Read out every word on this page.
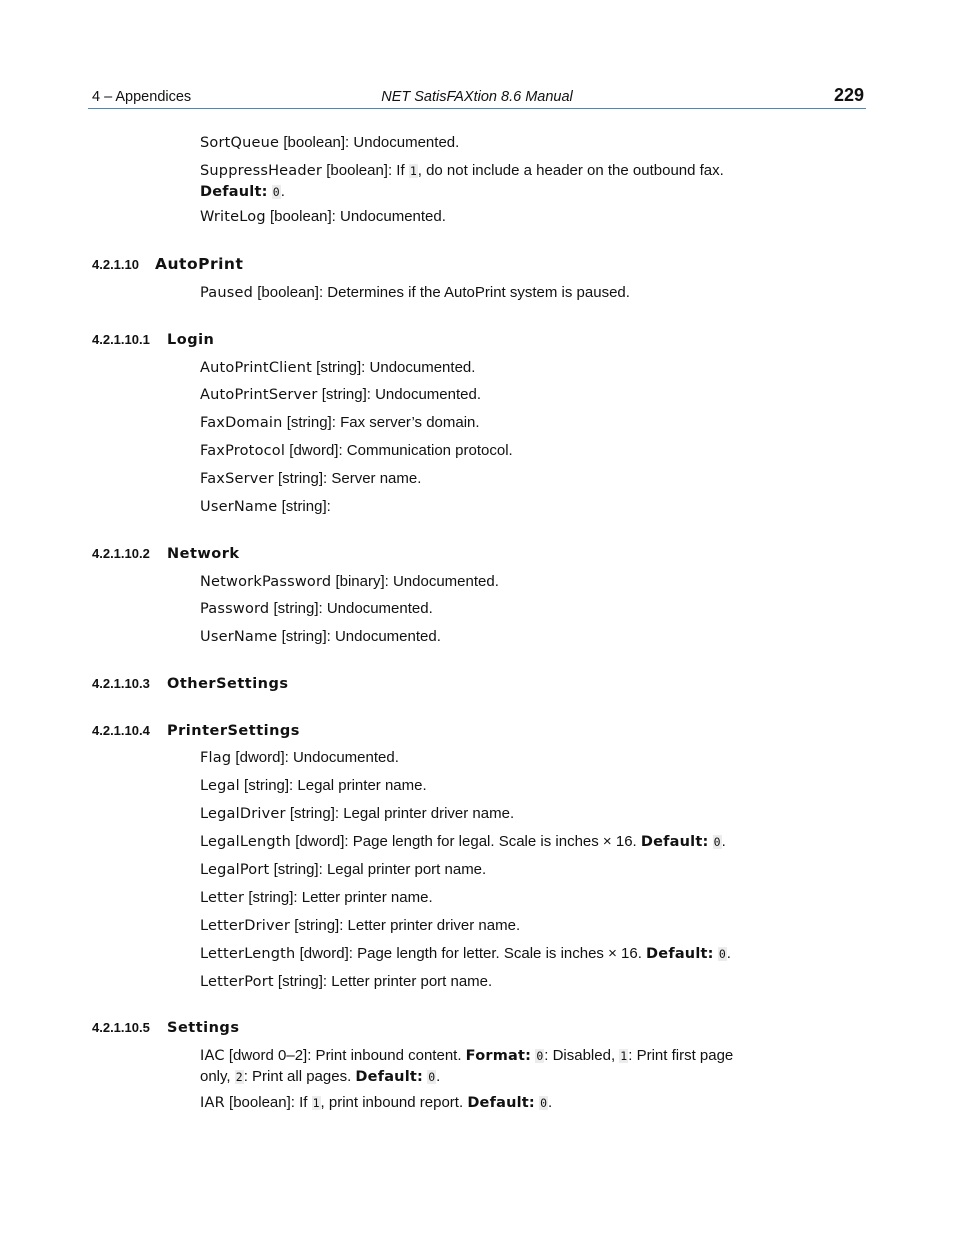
4 – Appendices	NET SatisFAXtion 8.6 Manual	229
SortQueue [boolean]: Undocumented.
SuppressHeader [boolean]: If 1, do not include a header on the outbound fax.
Default: 0.
WriteLog [boolean]: Undocumented.
4.2.1.10 AutoPrint
Paused [boolean]: Determines if the AutoPrint system is paused.
4.2.1.10.1 Login
AutoPrintClient [string]: Undocumented.
AutoPrintServer [string]: Undocumented.
FaxDomain [string]: Fax server’s domain.
FaxProtocol [dword]: Communication protocol.
FaxServer [string]: Server name.
UserName [string]:
4.2.1.10.2 Network
NetworkPassword [binary]: Undocumented.
Password [string]: Undocumented.
UserName [string]: Undocumented.
4.2.1.10.3 OtherSettings
4.2.1.10.4 PrinterSettings
Flag [dword]: Undocumented.
Legal [string]: Legal printer name.
LegalDriver [string]: Legal printer driver name.
LegalLength [dword]: Page length for legal. Scale is inches × 16. Default: 0.
LegalPort [string]: Legal printer port name.
Letter [string]: Letter printer name.
LetterDriver [string]: Letter printer driver name.
LetterLength [dword]: Page length for letter. Scale is inches × 16. Default: 0.
LetterPort [string]: Letter printer port name.
4.2.1.10.5 Settings
IAC [dword 0–2]: Print inbound content. Format: 0: Disabled, 1: Print first page only, 2: Print all pages. Default: 0.
IAR [boolean]: If 1, print inbound report. Default: 0.
